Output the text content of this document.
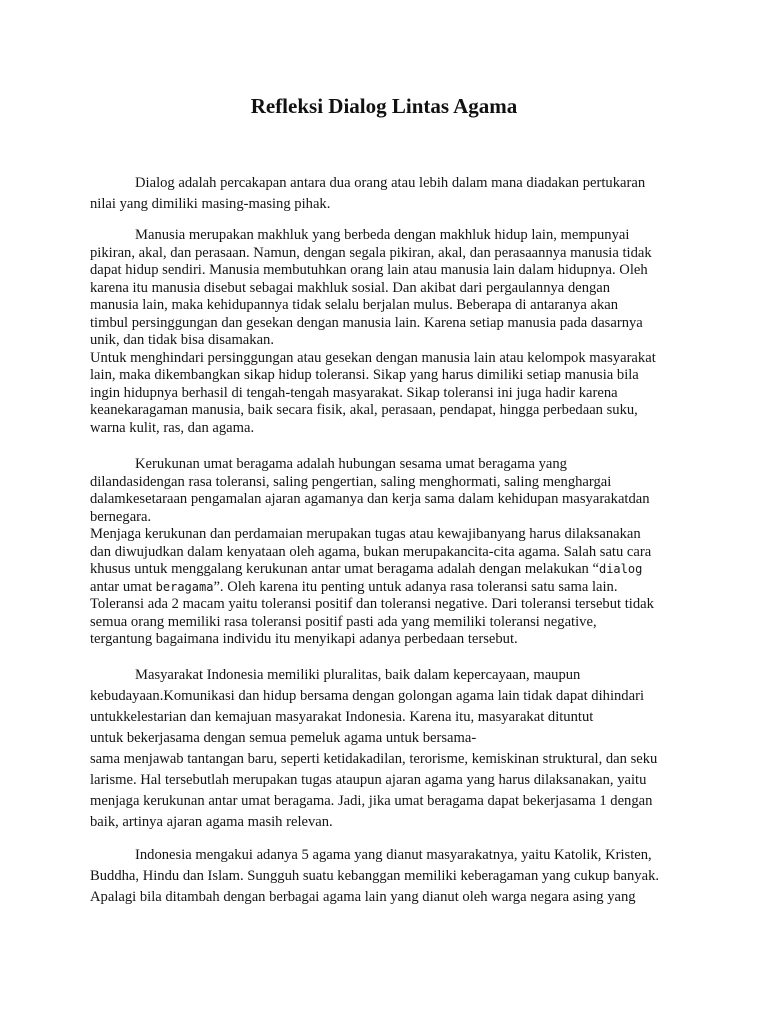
Refleksi Dialog Lintas Agama
Dialog adalah percakapan antara dua orang atau lebih dalam mana diadakan pertukaran
nilai yang dimiliki masing-masing pihak.
Manusia merupakan makhluk yang berbeda dengan makhluk hidup lain, mempunyai
pikiran, akal, dan perasaan. Namun, dengan segala pikiran, akal, dan perasaannya manusia tidak
dapat hidup sendiri. Manusia membutuhkan orang lain atau manusia lain dalam hidupnya. Oleh
karena itu manusia disebut sebagai makhluk sosial. Dan akibat dari pergaulannya dengan
manusia lain, maka kehidupannya tidak selalu berjalan mulus. Beberapa di antaranya akan
timbul persinggungan dan gesekan dengan manusia lain. Karena setiap manusia pada dasarnya
unik, dan tidak bisa disamakan.
Untuk menghindari persinggungan atau gesekan dengan manusia lain atau kelompok masyarakat
lain, maka dikembangkan sikap hidup toleransi. Sikap yang harus dimiliki setiap manusia bila
ingin hidupnya berhasil di tengah-tengah masyarakat. Sikap toleransi ini juga hadir karena
keanekaragaman manusia, baik secara fisik, akal, perasaan, pendapat, hingga perbedaan suku,
warna kulit, ras, dan agama.
Kerukunan umat beragama adalah hubungan sesama umat beragama yang
dilandasidengan rasa toleransi, saling pengertian, saling menghormati, saling menghargai
dalamkesetaraan pengamalan ajaran agamanya dan kerja sama dalam kehidupan masyarakatdan
bernegara.
Menjaga kerukunan dan perdamaian merupakan tugas atau kewajibanyang harus dilaksanakan
dan diwujudkan dalam kenyataan oleh agama, bukan merupakancita-cita agama. Salah satu cara
khusus untuk menggalang kerukunan antar umat beragama adalah dengan melakukan “dialog
antar umat beragama”. Oleh karena itu penting untuk adanya rasa toleransi satu sama lain.
Toleransi ada 2 macam yaitu toleransi positif dan toleransi negative. Dari toleransi tersebut tidak
semua orang memiliki rasa toleransi positif pasti ada yang memiliki toleransi negative,
tergantung bagaimana individu itu menyikapi adanya perbedaan tersebut.
Masyarakat Indonesia memiliki pluralitas, baik dalam kepercayaan, maupun
kebudayaan.Komunikasi dan hidup bersama dengan golongan agama lain tidak dapat dihindari
untukkelestarian dan kemajuan masyarakat Indonesia. Karena itu, masyarakat dituntut
untuk bekerjasama dengan semua pemeluk agama untuk bersama-
sama menjawab tantangan baru, seperti ketidakadilan, terorisme, kemiskinan struktural, dan seku
larisme. Hal tersebutlah merupakan tugas ataupun ajaran agama yang harus dilaksanakan, yaitu
menjaga kerukunan antar umat beragama. Jadi, jika umat beragama dapat bekerjasama 1 dengan
baik, artinya ajaran agama masih relevan.
Indonesia mengakui adanya 5 agama yang dianut masyarakatnya, yaitu Katolik, Kristen,
Buddha, Hindu dan Islam. Sungguh suatu kebanggan memiliki keberagaman yang cukup banyak.
Apalagi bila ditambah dengan berbagai agama lain yang dianut oleh warga negara asing yang
